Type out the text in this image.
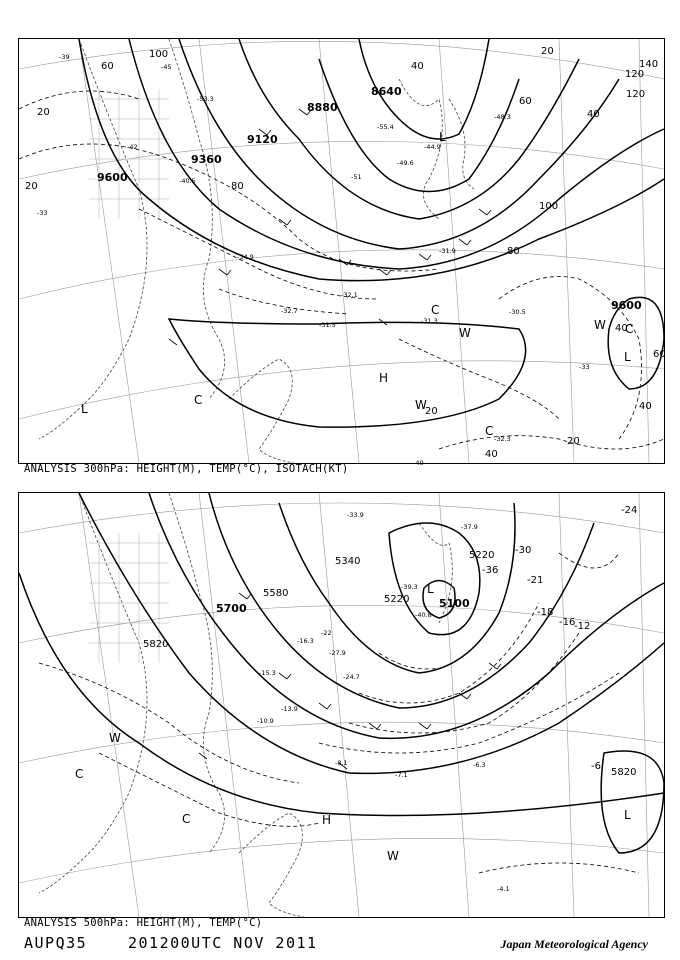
9600
9360
9120
8880
8640
9600
100
60
80
40
20
60
80
100
120
140
120
40
20
40
20
20
40
60
40
20
-40
-33
-39
-42
-45
-51
-53.3
-55.4
-49.6
-48.3
-44.9
-40.5
-31.9
-32.7
-34.9
-31.5	-31.3
-30.5
-32.3
-32.1
-33
L
L
L
H
W
W
W
C
C
C
C
ANALYSIS 300hPa: HEIGHT(M), TEMP(°C), ISOTACH(KT)
5820
5700
5580
5340
5220	5100
5820
5220 -30
-36
-24
-21
-18
-16
-12
-6
-4.1
-6.3
-7.1
-8.1
-10.9
-13.9
-15.3
-16.3
-22
-24.7
-27.9
-33.9
-37.9
-39.3
-40.8
L
L
H
W
W
C
C
ANALYSIS 500hPa: HEIGHT(M), TEMP(°C)
AUPQ35	201200UTC NOV 2011	Japan Meteorological Agency
